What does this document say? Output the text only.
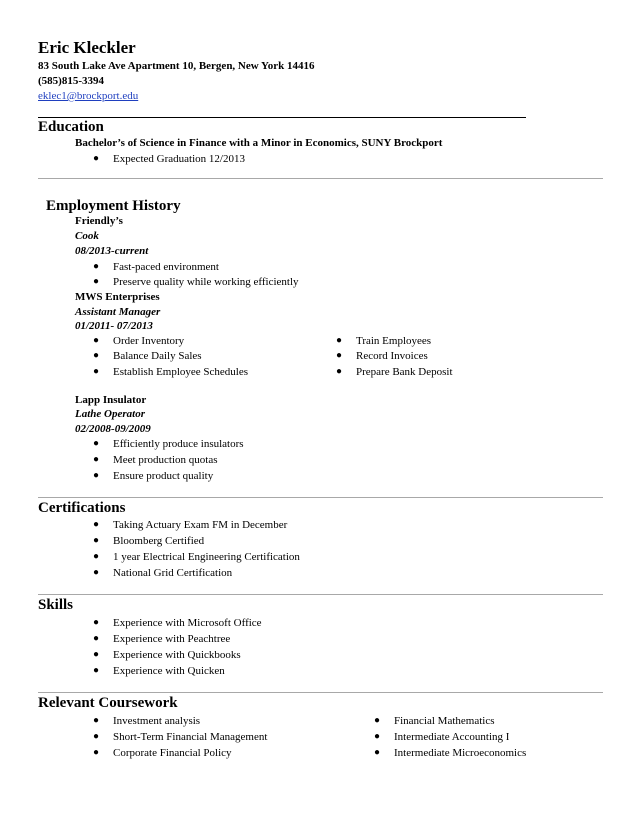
Eric Kleckler
83 South Lake Ave Apartment 10, Bergen, New York 14416
(585)815-3394
eklec1@brockport.edu
Education
Bachelor’s of Science in Finance with a Minor in Economics, SUNY Brockport
● Expected Graduation 12/2013
Employment History
Friendly’s
Cook
08/2013-current
● Fast-paced environment
● Preserve quality while working efficiently
MWS Enterprises
Assistant Manager
01/2011- 07/2013
● Order Inventory
● Balance Daily Sales
● Establish Employee Schedules
● Train Employees
● Record Invoices
● Prepare Bank Deposit
Lapp Insulator
Lathe Operator
02/2008-09/2009
● Efficiently produce insulators
● Meet production quotas
● Ensure product quality
Certifications
● Taking Actuary Exam FM in December
● Bloomberg Certified
● 1 year Electrical Engineering Certification
● National Grid Certification
Skills
● Experience with Microsoft Office
● Experience with Peachtree
● Experience with Quickbooks
● Experience with Quicken
Relevant Coursework
● Investment analysis
● Short-Term Financial Management
● Corporate Financial Policy
● Financial Mathematics
● Intermediate Accounting I
● Intermediate Microeconomics
